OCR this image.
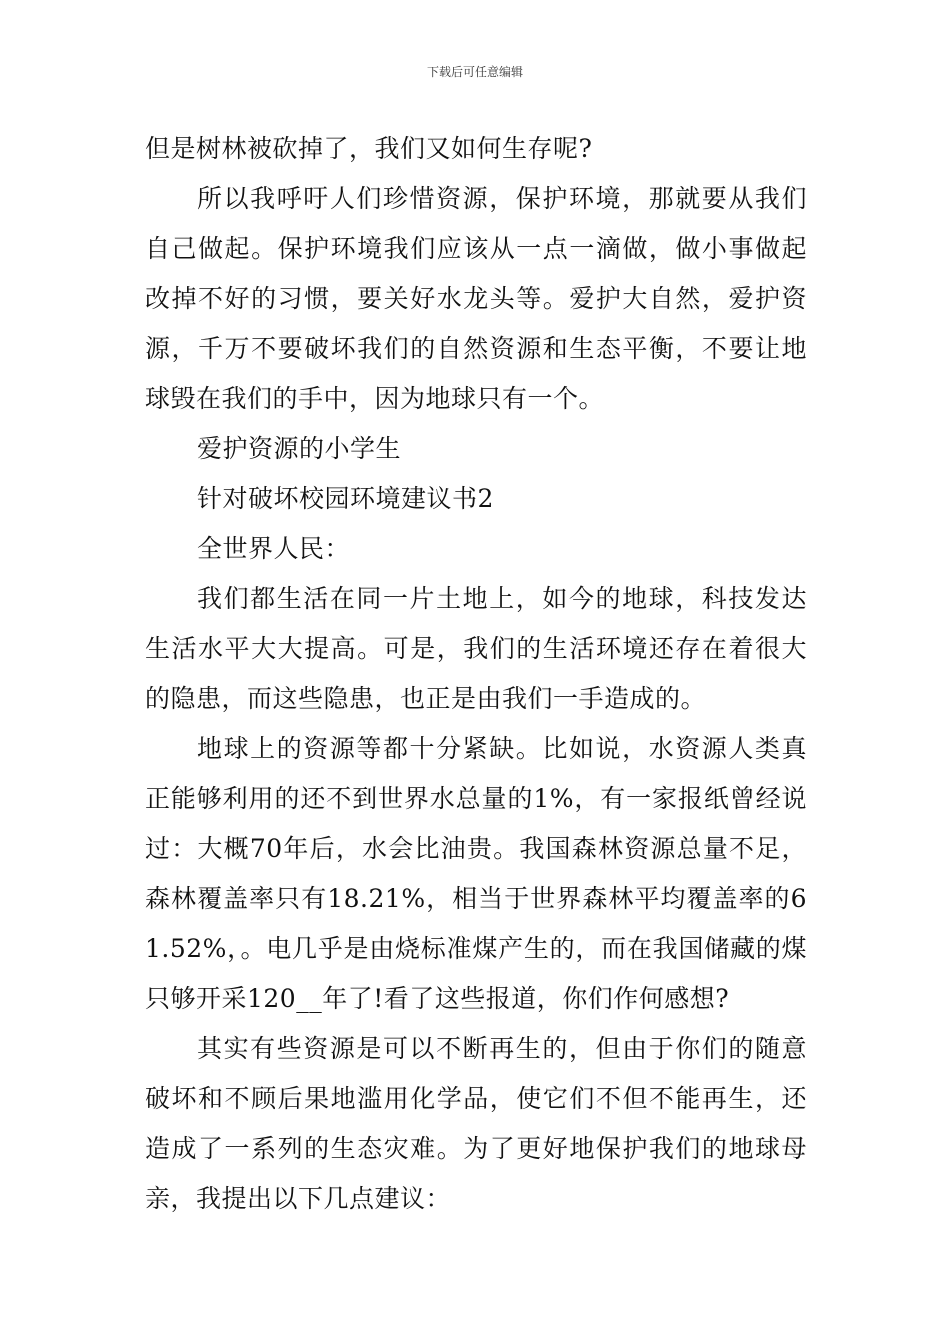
下载后可任意编辑

但是树林被砍掉了，我们又如何生存呢?

所以我呼吁人们珍惜资源，保护环境，那就要从我们自己做起。保护环境我们应该从一点一滴做，做小事做起改掉不好的习惯，要关好水龙头等。爱护大自然，爱护资源，千万不要破坏我们的自然资源和生态平衡，不要让地球毁在我们的手中，因为地球只有一个。

爱护资源的小学生

针对破坏校园环境建议书2

全世界人民：

我们都生活在同一片土地上，如今的地球，科技发达生活水平大大提高。可是，我们的生活环境还存在着很大的隐患，而这些隐患，也正是由我们一手造成的。

地球上的资源等都十分紧缺。比如说，水资源人类真正能够利用的还不到世界水总量的1%，有一家报纸曾经说过：大概70年后，水会比油贵。我国森林资源总量不足，森林覆盖率只有18.21%，相当于世界森林平均覆盖率的61.52%，。电几乎是由烧标准煤产生的，而在我国储藏的煤只够开采120__年了!看了这些报道，你们作何感想?

其实有些资源是可以不断再生的，但由于你们的随意破坏和不顾后果地滥用化学品，使它们不但不能再生，还造成了一系列的生态灾难。为了更好地保护我们的地球母亲，我提出以下几点建议：
